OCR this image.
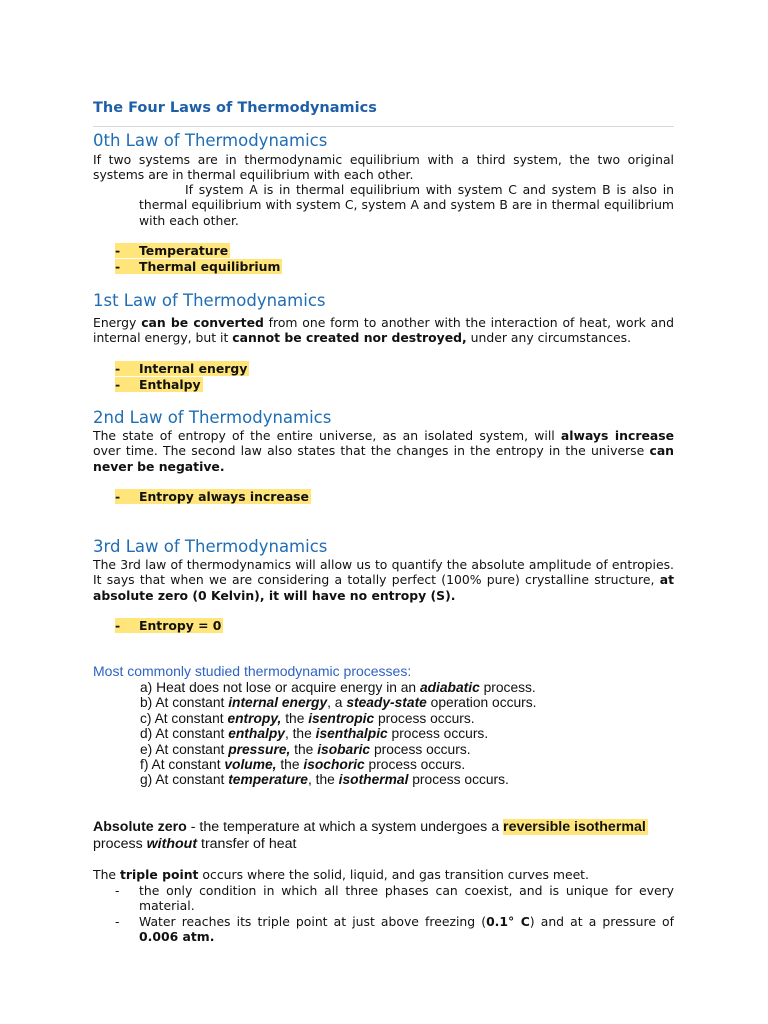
The Four Laws of Thermodynamics
0th Law of Thermodynamics
If two systems are in thermodynamic equilibrium with a third system, the two original systems are in thermal equilibrium with each other.
If system A is in thermal equilibrium with system C and system B is also in thermal equilibrium with system C, system A and system B are in thermal equilibrium with each other.
- Temperature
- Thermal equilibrium
1st Law of Thermodynamics
Energy can be converted from one form to another with the interaction of heat, work and internal energy, but it cannot be created nor destroyed, under any circumstances.
- Internal energy
- Enthalpy
2nd Law of Thermodynamics
The state of entropy of the entire universe, as an isolated system, will always increase over time. The second law also states that the changes in the entropy in the universe can never be negative.
- Entropy always increase
3rd Law of Thermodynamics
The 3rd law of thermodynamics will allow us to quantify the absolute amplitude of entropies. It says that when we are considering a totally perfect (100% pure) crystalline structure, at absolute zero (0 Kelvin), it will have no entropy (S).
- Entropy = 0
Most commonly studied thermodynamic processes:
a) Heat does not lose or acquire energy in an adiabatic process.
b) At constant internal energy, a steady-state operation occurs.
c) At constant entropy, the isentropic process occurs.
d) At constant enthalpy, the isenthalpic process occurs.
e) At constant pressure, the isobaric process occurs.
f) At constant volume, the isochoric process occurs.
g) At constant temperature, the isothermal process occurs.
Absolute zero - the temperature at which a system undergoes a reversible isothermal process without transfer of heat
The triple point occurs where the solid, liquid, and gas transition curves meet.
- the only condition in which all three phases can coexist, and is unique for every material.
- Water reaches its triple point at just above freezing (0.1° C) and at a pressure of 0.006 atm.
